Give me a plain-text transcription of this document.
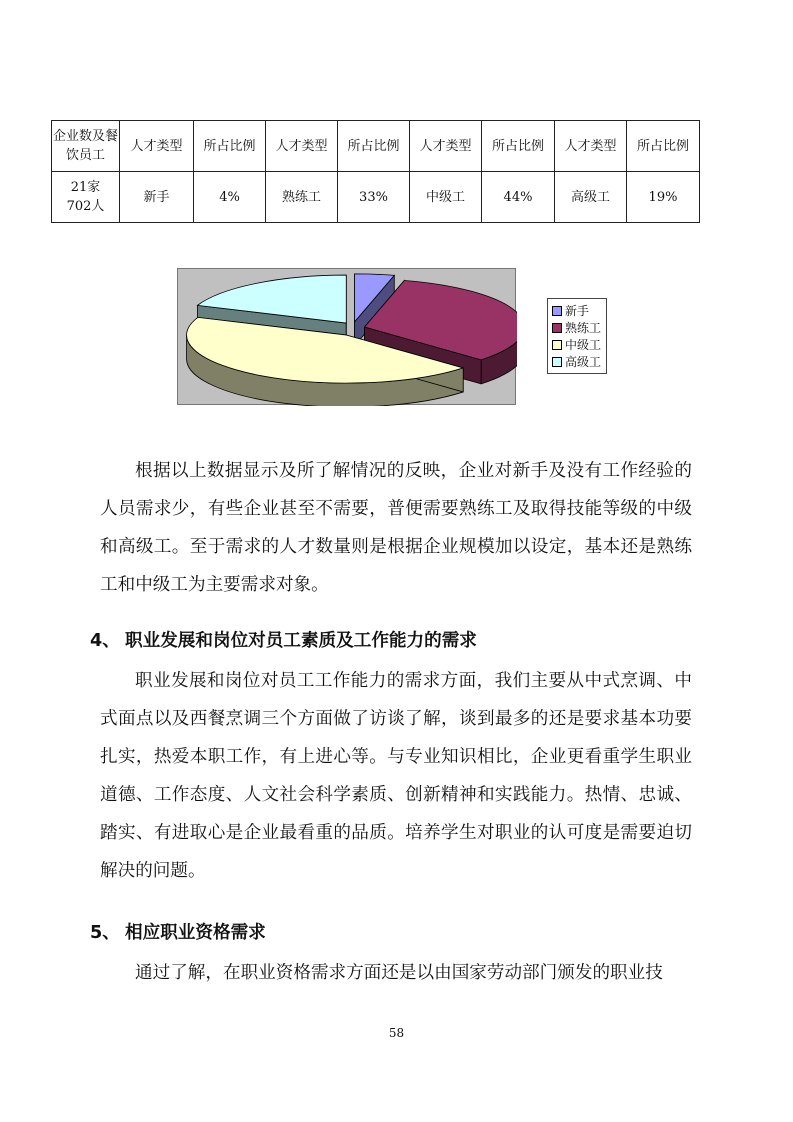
企业数及餐饮员工	人才类型	所占比例	人才类型	所占比例	人才类型	所占比例	人才类型	所占比例

21家
702人	新手	4%	熟练工	33%	中级工	44%	高级工	19%
新手
熟练工
中级工
高级工

根据以上数据显示及所了解情况的反映，企业对新手及没有工作经验的人员需求少，有些企业甚至不需要，普便需要熟练工及取得技能等级的中级和高级工。至于需求的人才数量则是根据企业规模加以设定，基本还是熟练工和中级工为主要需求对象。

4、 职业发展和岗位对员工素质及工作能力的需求

职业发展和岗位对员工工作能力的需求方面，我们主要从中式烹调、中式面点以及西餐烹调三个方面做了访谈了解，谈到最多的还是要求基本功要扎实，热爱本职工作，有上进心等。与专业知识相比，企业更看重学生职业道德、工作态度、人文社会科学素质、创新精神和实践能力。热情、忠诚、踏实、有进取心是企业最看重的品质。培养学生对职业的认可度是需要迫切解决的问题。

5、 相应职业资格需求

通过了解，在职业资格需求方面还是以由国家劳动部门颁发的职业技

58
